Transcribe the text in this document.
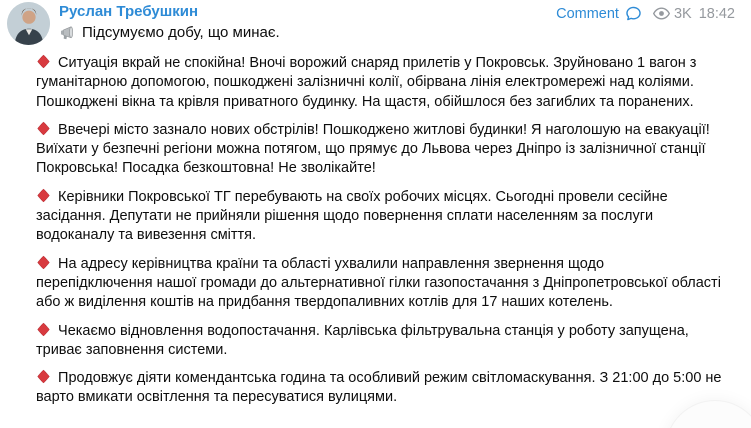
Руслан Требушкин
Підсумуємо добу, що минає.
Comment	3K 18:42

Ситуація вкрай не спокійна! Вночі ворожий снаряд прилетів у Покровськ. Зруйновано 1 вагон з гуманітарною допомогою, пошкоджені залізничні колії, обірвана лінія електромережі над коліями. Пошкоджені вікна та крівля приватного будинку. На щастя, обійшлося без загиблих та поранених.

Ввечері місто зазнало нових обстрілів! Пошкоджено житлові будинки! Я наголошую на евакуації! Виїхати у безпечні регіони можна потягом, що прямує до Львова через Дніпро із залізничної станції Покровська! Посадка безкоштовна! Не зволікайте!

Керівники Покровської ТГ перебувають на своїх робочих місцях. Сьогодні провели сесійне засідання. Депутати не прийняли рішення щодо повернення сплати населенням за послуги водоканалу та вивезення сміття.

На адресу керівництва країни та області ухвалили направлення звернення щодо перепідключення нашої громади до альтернативної гілки газопостачання з Дніпропетровської області або ж виділення коштів на придбання твердопаливних котлів для 17 наших котелень.

Чекаємо відновлення водопостачання. Карлівська фільтрувальна станція у роботу запущена, триває заповнення системи.

Продовжує діяти комендантська година та особливий режим світломаскування. З 21:00 до 5:00 не варто вмикати освітлення та пересуватися вулицями.
